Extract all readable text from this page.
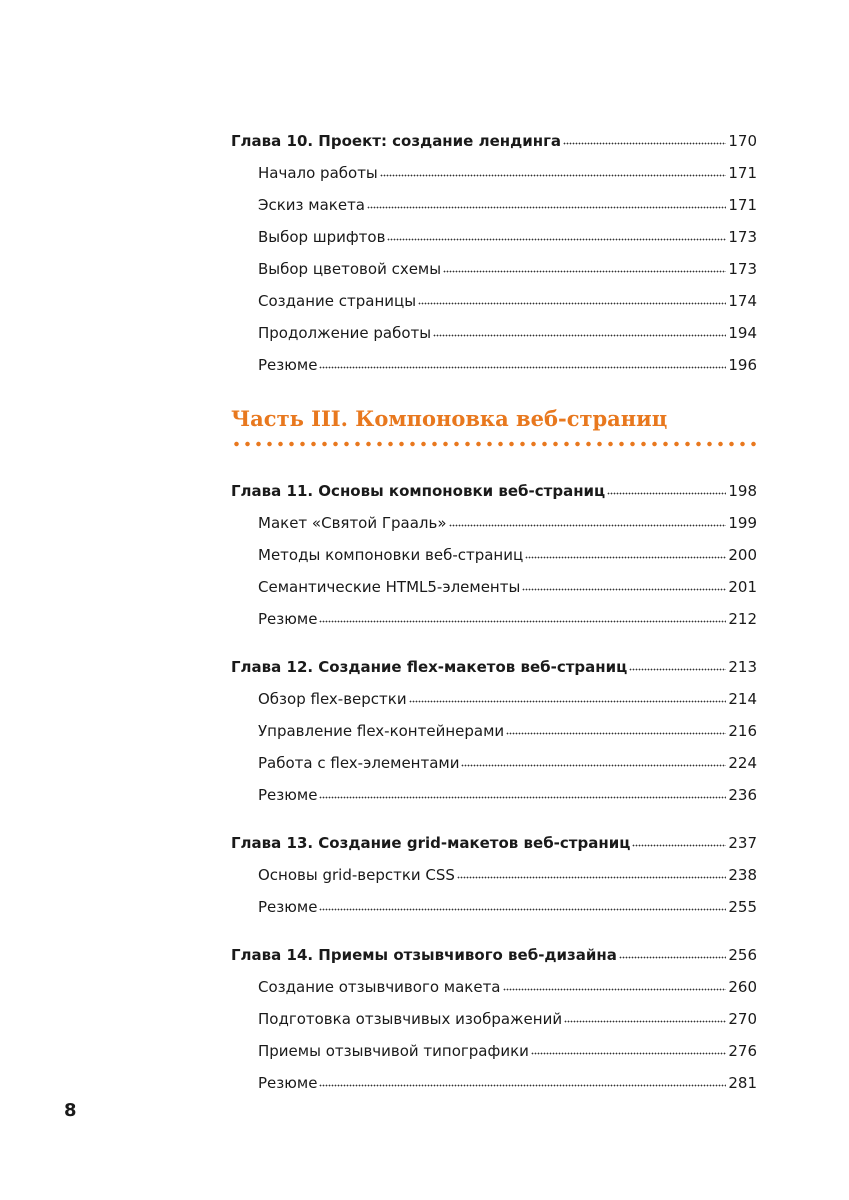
Глава 10. Проект: создание лендинга	170
Начало работы	171
Эскиз макета	171
Выбор шрифтов	173
Выбор цветовой схемы	173
Создание страницы	174
Продолжение работы	194
Резюме	196
Часть III. Компоновка веб-страниц
Глава 11. Основы компоновки веб-страниц	198
Макет «Святой Грааль»	199
Методы компоновки веб-страниц	200
Семантические HTML5-элементы	201
Резюме	212
Глава 12. Создание flex-макетов веб-страниц	213
Обзор flex-верстки	214
Управление flex-контейнерами	216
Работа с flex-элементами	224
Резюме	236
Глава 13. Создание grid-макетов веб-страниц	237
Основы grid-верстки CSS	238
Резюме	255
Глава 14. Приемы отзывчивого веб-дизайна	256
Создание отзывчивого макета	260
Подготовка отзывчивых изображений	270
Приемы отзывчивой типографики	276
Резюме	281
8
